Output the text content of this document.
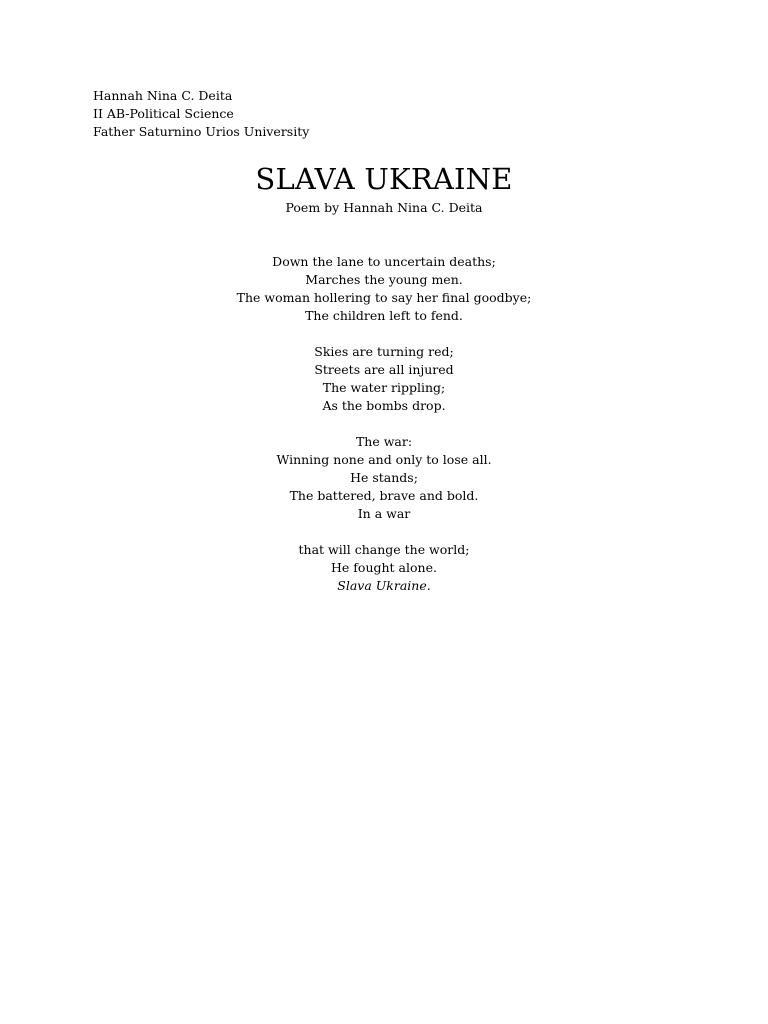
Hannah Nina C. Deita
II AB-Political Science
Father Saturnino Urios University
SLAVA UKRAINE
Poem by Hannah Nina C. Deita
Down the lane to uncertain deaths;
Marches the young men.
The woman hollering to say her final goodbye;
The children left to fend.
Skies are turning red;
Streets are all injured
The water rippling;
As the bombs drop.
The war:
Winning none and only to lose all.
He stands;
The battered, brave and bold.
In a war
that will change the world;
He fought alone.
Slava Ukraine.
